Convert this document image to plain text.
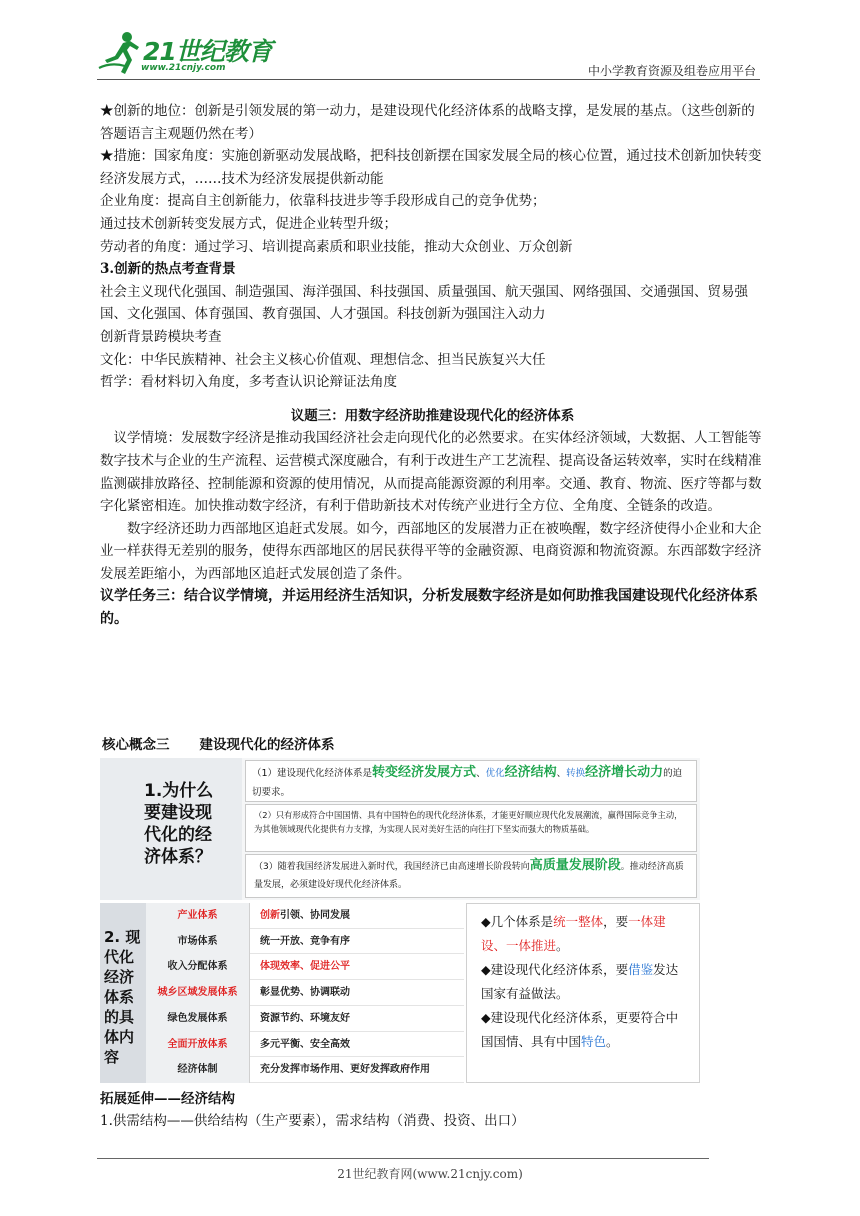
21世纪教育
www.21cnjy.com	中小学教育资源及组卷应用平台

★创新的地位：创新是引领发展的第一动力，是建设现代化经济体系的战略支撑，是发展的基点。（这些创新的答题语言主观题仍然在考）

★措施：国家角度：实施创新驱动发展战略，把科技创新摆在国家发展全局的核心位置，通过技术创新加快转变经济发展方式，……技术为经济发展提供新动能

企业角度：提高自主创新能力，依靠科技进步等手段形成自己的竞争优势；

通过技术创新转变发展方式，促进企业转型升级；

劳动者的角度：通过学习、培训提高素质和职业技能，推动大众创业、万众创新

3.创新的热点考查背景

社会主义现代化强国、制造强国、海洋强国、科技强国、质量强国、航天强国、网络强国、交通强国、贸易强国、文化强国、体育强国、教育强国、人才强国。科技创新为强国注入动力

创新背景跨模块考查

文化：中华民族精神、社会主义核心价值观、理想信念、担当民族复兴大任

哲学：看材料切入角度，多考查认识论辩证法角度

议题三：用数字经济助推建设现代化的经济体系

议学情境：发展数字经济是推动我国经济社会走向现代化的必然要求。在实体经济领域，大数据、人工智能等数字技术与企业的生产流程、运营模式深度融合，有利于改进生产工艺流程、提高设备运转效率，实时在线精准监测碳排放路径、控制能源和资源的使用情况，从而提高能源资源的利用率。交通、教育、物流、医疗等都与数字化紧密相连。加快推动数字经济，有利于借助新技术对传统产业进行全方位、全角度、全链条的改造。

数字经济还助力西部地区追赶式发展。如今，西部地区的发展潜力正在被唤醒，数字经济使得小企业和大企业一样获得无差别的服务，使得东西部地区的居民获得平等的金融资源、电商资源和物流资源。东西部数字经济发展差距缩小，为西部地区追赶式发展创造了条件。

议学任务三：结合议学情境，并运用经济生活知识，分析发展数字经济是如何助推我国建设现代化经济体系的。

核心概念三 建设现代化的经济体系
1.为什么
要建设现
代化的经
济体系？
（1）建设现代化经济体系是转变经济发展方式、优化经济结构、转换经济增长动力的迫切要求。
（2）只有形成符合中国国情、具有中国特色的现代化经济体系，才能更好顺应现代化发展潮流，赢得国际竞争主动，为其他领域现代化提供有力支撑，为实现人民对美好生活的向往打下坚实而强大的物质基础。
（3）随着我国经济发展进入新时代，我国经济已由高速增长阶段转向高质量发展阶段。推动经济高质量发展，必须建设好现代化经济体系。
2. 现
代化
经济
体系
的具
体内
容
产业体系	创新引领、协同发展
市场体系	统一开放、竞争有序
收入分配体系	体现效率、促进公平
城乡区域发展体系	彰显优势、协调联动
绿色发展体系	资源节约、环境友好
全面开放体系	多元平衡、安全高效
经济体制	充分发挥市场作用、更好发挥政府作用
◆几个体系是统一整体，要一体建设、一体推进。
◆建设现代化经济体系，要借鉴发达国家有益做法。
◆建设现代化经济体系，更要符合中国国情、具有中国特色。

拓展延伸——经济结构

1.供需结构——供给结构（生产要素），需求结构（消费、投资、出口）

21世纪教育网(www.21cnjy.com)
